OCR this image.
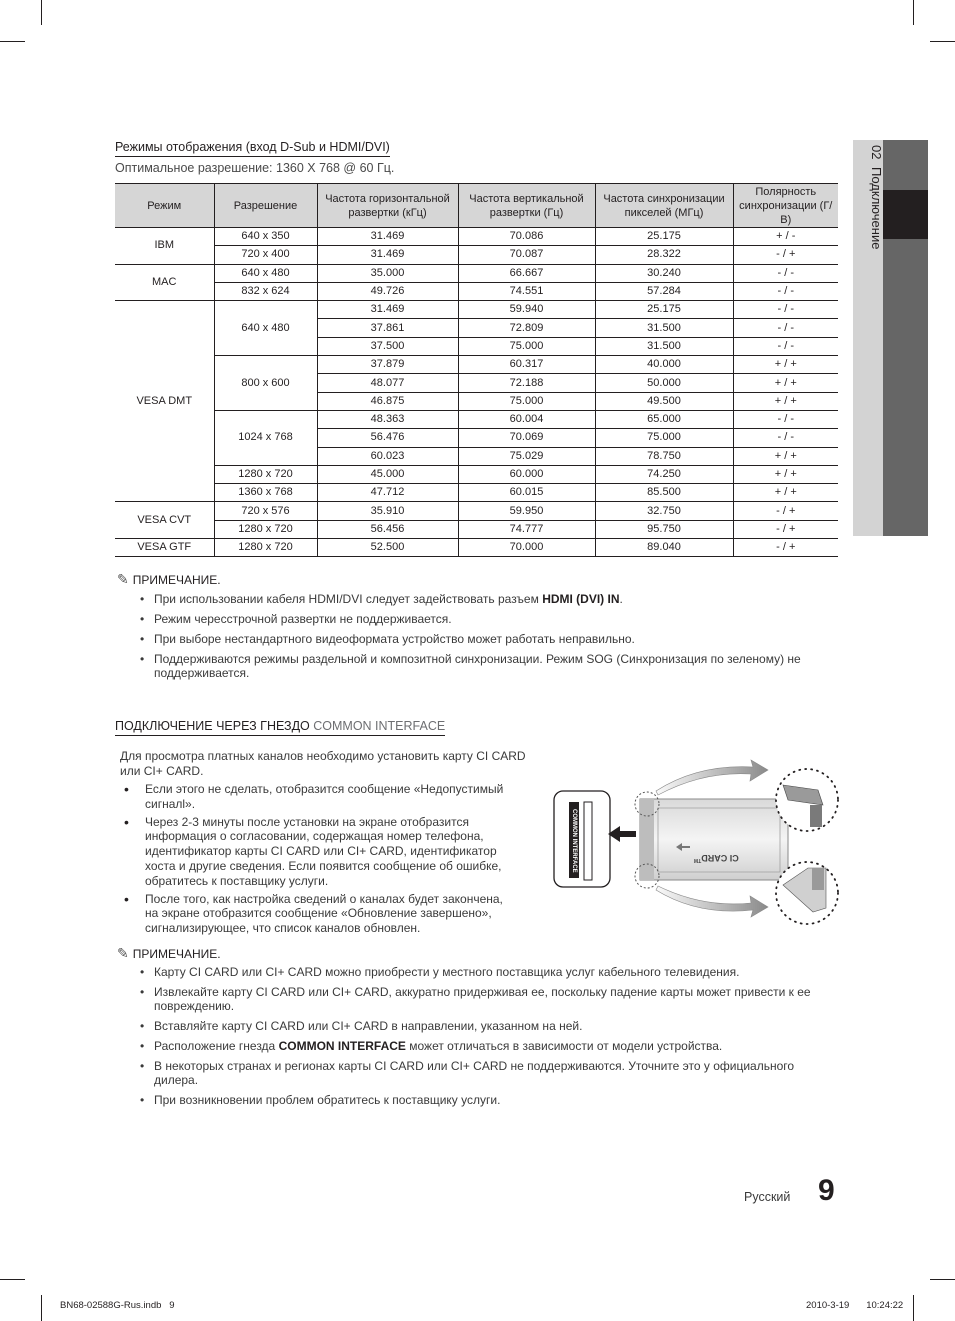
02
Подключение
Режимы отображения (вход D-Sub и HDMI/DVI)
Оптимальное разрешение: 1360 X 768 @ 60 Гц.
Режим	Разрешение	Частота горизонтальной развертки (кГц)	Частота вертикальной развертки (Гц)	Частота синхронизации пикселей (МГц)	Полярность синхронизации (Г/В)
IBM	640 x 350	31.469	70.086	25.175	+ / -
	720 x 400	31.469	70.087	28.322	- / +
MAC	640 x 480	35.000	66.667	30.240	- / -
	832 x 624	49.726	74.551	57.284	- / -
VESA DMT	640 x 480	31.469	59.940	25.175	- / -
		37.861	72.809	31.500	- / -
		37.500	75.000	31.500	- / -
	800 x 600	37.879	60.317	40.000	+ / +
		48.077	72.188	50.000	+ / +
		46.875	75.000	49.500	+ / +
	1024 x 768	48.363	60.004	65.000	- / -
		56.476	70.069	75.000	- / -
		60.023	75.029	78.750	+ / +
	1280 x 720	45.000	60.000	74.250	+ / +
	1360 x 768	47.712	60.015	85.500	+ / +
VESA CVT	720 x 576	35.910	59.950	32.750	- / +
	1280 x 720	56.456	74.777	95.750	- / +
VESA GTF	1280 x 720	52.500	70.000	89.040	- / +
✎ ПРИМЕЧАНИЕ.
• При использовании кабеля HDMI/DVI следует задействовать разъем HDMI (DVI) IN.
• Режим чересстрочной развертки не поддерживается.
• При выборе нестандартного видеоформата устройство может работать неправильно.
• Поддерживаются режимы раздельной и композитной синхронизации. Режим SOG (Синхронизация по зеленому) не поддерживается.
ПОДКЛЮЧЕНИЕ ЧЕРЕЗ ГНЕЗДО COMMON INTERFACE
Для просмотра платных каналов необходимо установить карту CI CARD или CI+ CARD.
• Если этого не сделать, отобразится сообщение «Недопустимый сигналl».
• Через 2-3 минуты после установки на экране отобразится информация о согласовании, содержащая номер телефона, идентификатор карты CI CARD или CI+ CARD, идентификатор хоста и другие сведения. Если появится сообщение об ошибке, обратитесь к поставщику услуги.
• После того, как настройка сведений о каналах будет закончена, на экране отобразится сообщение «Обновление завершено», сигнализирующее, что список каналов обновлен.
COMMON INTERFACE	CI CARD™
✎ ПРИМЕЧАНИЕ.
• Карту CI CARD или CI+ CARD можно приобрести у местного поставщика услуг кабельного телевидения.
• Извлекайте карту CI CARD или CI+ CARD, аккуратно придерживая ее, поскольку падение карты может привести к ее повреждению.
• Вставляйте карту CI CARD или CI+ CARD в направлении, указанном на ней.
• Расположение гнезда COMMON INTERFACE может отличаться в зависимости от модели устройства.
• В некоторых странах и регионах карты CI CARD или CI+ CARD не поддерживаются. Уточните это у официального дилера.
• При возникновении проблем обратитесь к поставщику услуги.
Русский 9
BN68-02588G-Rus.indb   9	2010-3-19   10:24:22
